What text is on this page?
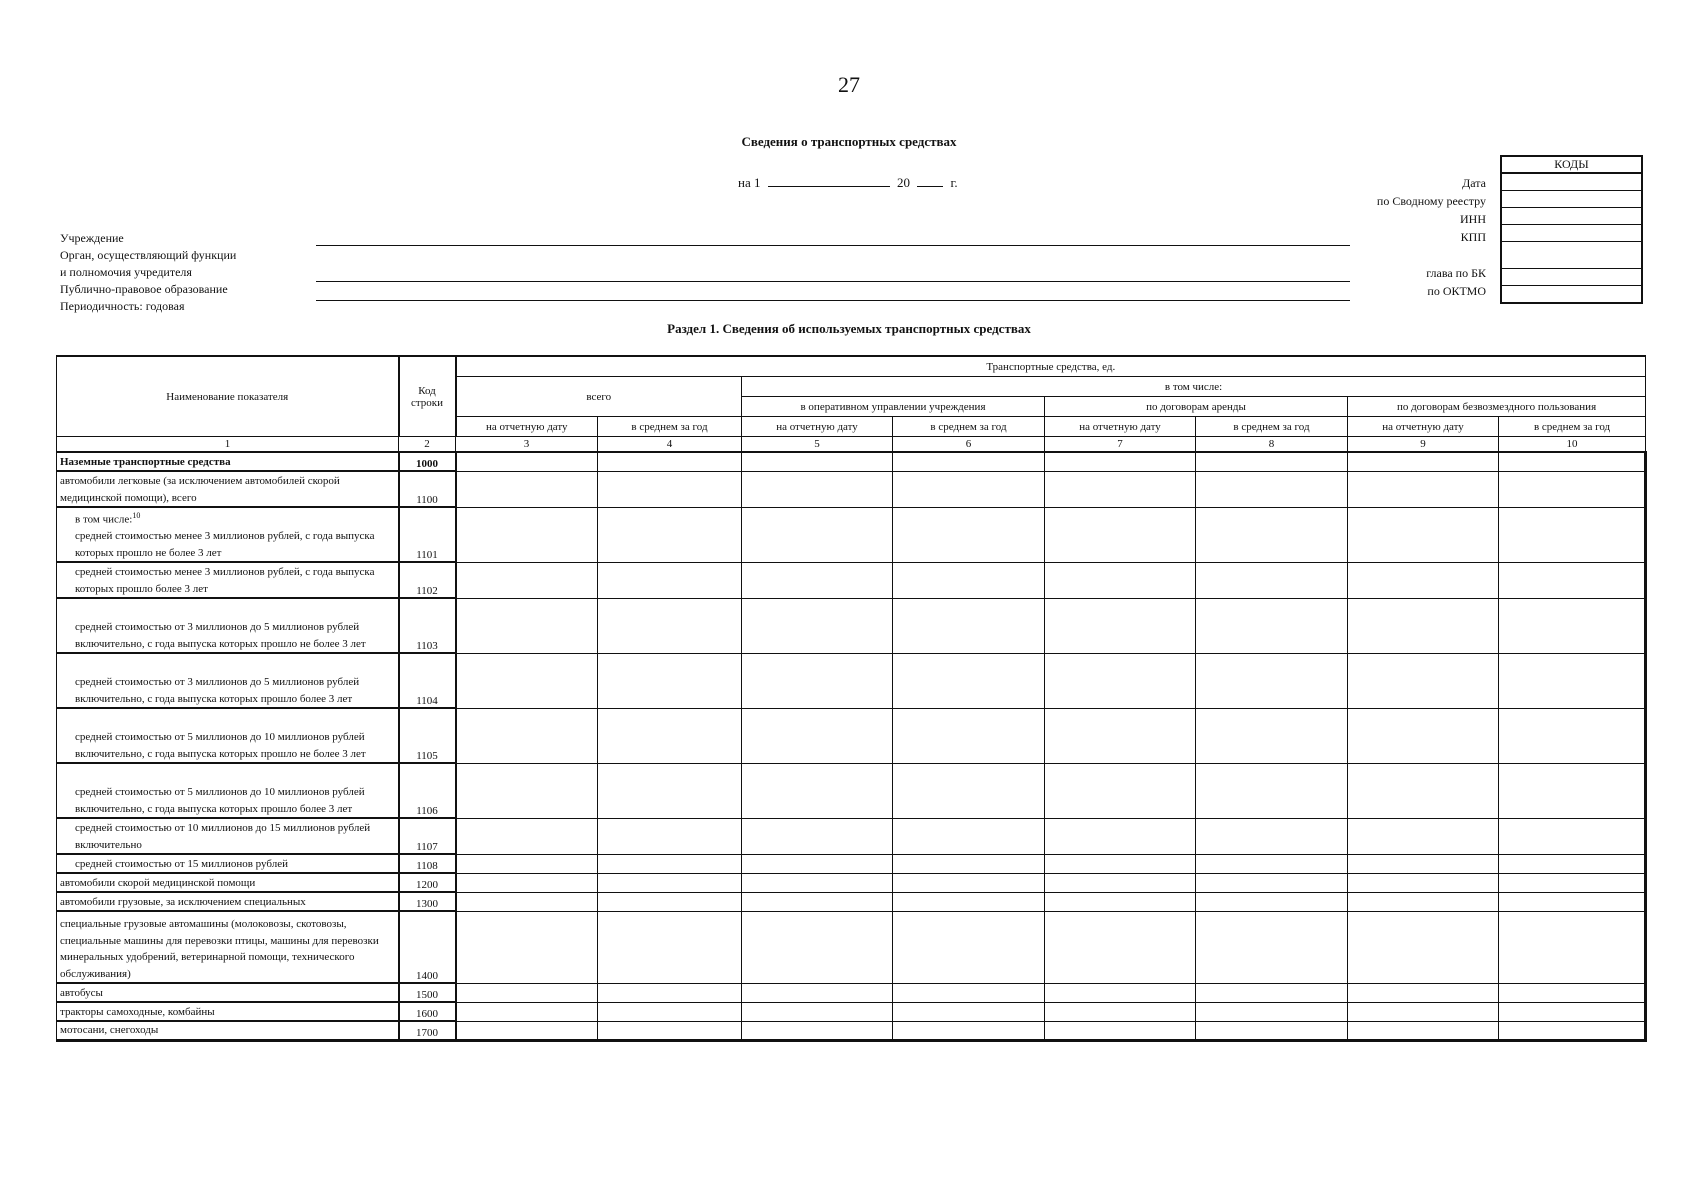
27
Сведения о транспортных средствах
на 1	20	г.
КОДЫ

Дата
по Сводному реестру
ИНН
КПП
глава по БК
по ОКТМО
Учреждение
Орган, осуществляющий функции
и полномочия учредителя
Публично-правовое образование
Периодичность: годовая
Раздел 1. Сведения об используемых транспортных средствах
Наименование показателя	Код строки	Транспортные средства, ед.							
		всего		в том числе:					
				в оперативном управлении учреждения		по договорам аренды		по договорам безвозмездного пользования	
		на отчетную дату	в среднем за год	на отчетную дату	в среднем за год	на отчетную дату	в среднем за год	на отчетную дату	в среднем за год
1	2	3	4	5	6	7	8	9	10
Наземные транспортные средства	1000								
автомобили легковые (за исключением автомобилей скорой медицинской помощи), всего	1100								

в том числе:$^{10}$
средней стоимостью менее 3 миллионов рублей, с года выпуска которых прошло не более 3 лет	1101								
средней стоимостью менее 3 миллионов рублей, с года выпуска которых прошло более 3 лет	1102								
средней стоимостью от 3 миллионов до 5 миллионов рублей включительно, с года выпуска которых прошло не более 3 лет	1103								
средней стоимостью от 3 миллионов до 5 миллионов рублей включительно, с года выпуска которых прошло более 3 лет	1104								
средней стоимостью от 5 миллионов до 10 миллионов рублей включительно, с года выпуска которых прошло не более 3 лет	1105								
средней стоимостью от 5 миллионов до 10 миллионов рублей включительно, с года выпуска которых прошло более 3 лет	1106								
средней стоимостью от 10 миллионов до 15 миллионов рублей включительно	1107								
средней стоимостью от 15 миллионов рублей	1108								
автомобили скорой медицинской помощи	1200								
автомобили грузовые, за исключением специальных	1300								
специальные грузовые автомашины (молоковозы, скотовозы, специальные машины для перевозки птицы, машины для перевозки минеральных удобрений, ветеринарной помощи, технического обслуживания)	1400								
автобусы	1500								
тракторы самоходные, комбайны	1600								
мотосани, снегоходы	1700								
